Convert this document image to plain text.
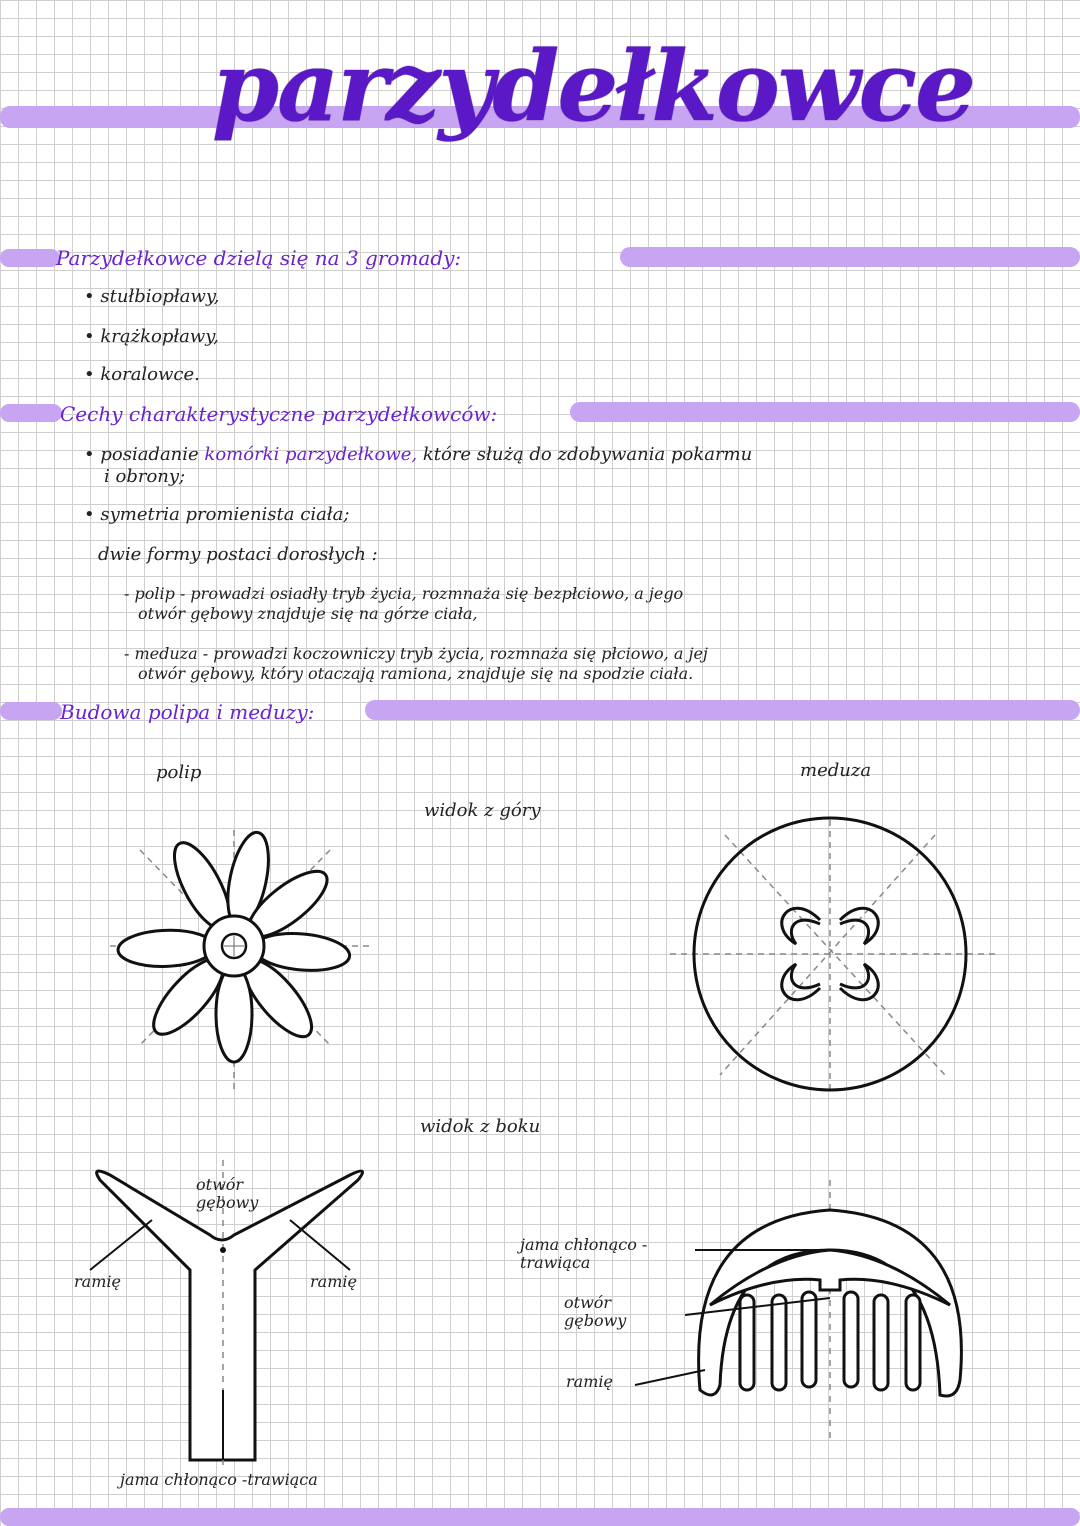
parzydełkowce
Parzydełkowce dzielą się na 3 gromady:
• stułbiopławy,
• krążkopławy,
• koralowce.
Cechy charakterystyczne parzydełkowców:
• posiadanie komórki parzydełkowe, które służą do zdobywania pokarmu
i obrony;
• symetria promienista ciała;
dwie formy postaci dorosłych :
- polip - prowadzi osiadły tryb życia, rozmnaża się bezpłciowo, a jego
otwór gębowy znajduje się na górze ciała,
- meduza - prowadzi koczowniczy tryb życia, rozmnaża się płciowo, a jej
otwór gębowy, który otaczają ramiona, znajduje się na spodzie ciała.
Budowa polipa i meduzy:
polip	meduza
widok z góry
widok z boku
otwór gębowy
ramię	ramię
jama chłonąco -trawiąca
jama chłonąco - trawiąca
otwór gębowy
ramię
